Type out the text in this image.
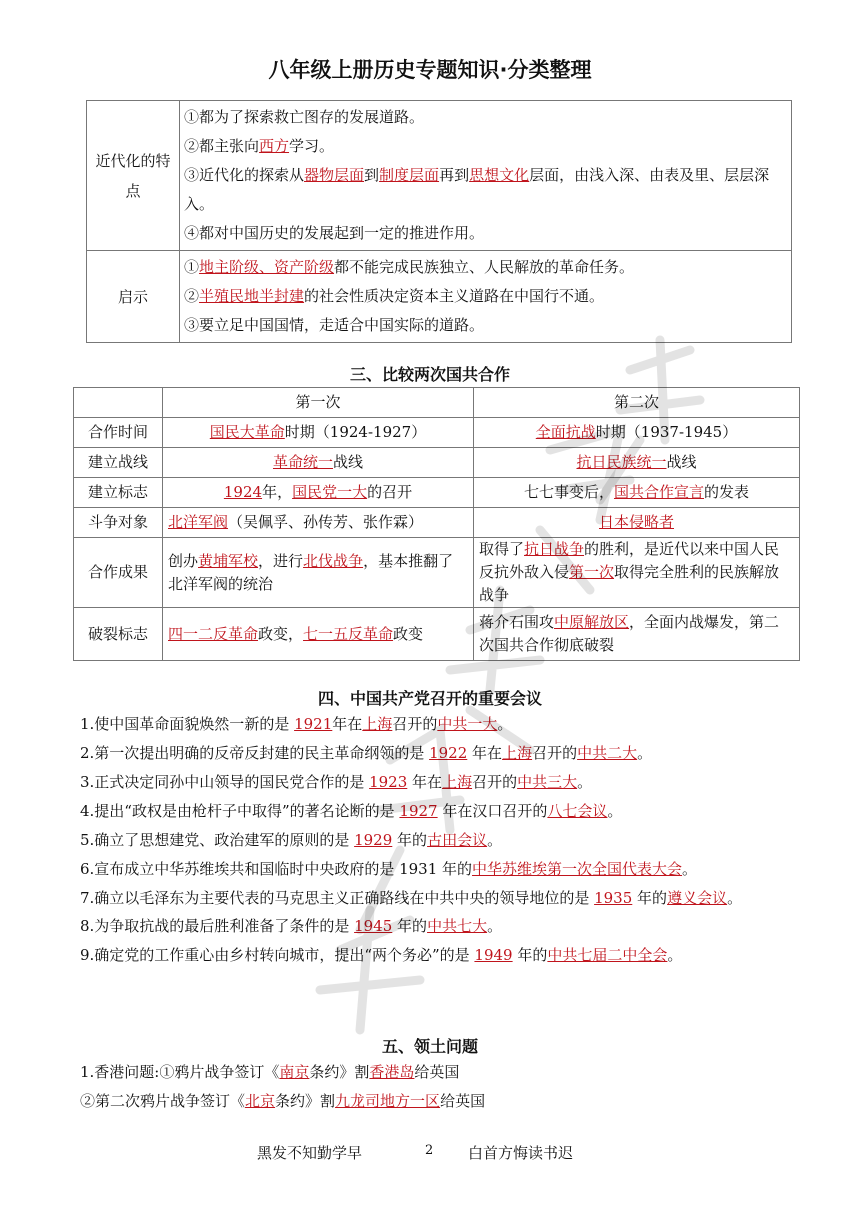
八年级上册历史专题知识·分类整理
近代化的特点	①都为了探索救亡图存的发展道路。
②都主张向西方学习。
③近代化的探索从器物层面到制度层面再到思想文化层面，由浅入深、由表及里、层层深入。
④都对中国历史的发展起到一定的推进作用。

启示	①地主阶级、资产阶级都不能完成民族独立、人民解放的革命任务。
②半殖民地半封建的社会性质决定资本主义道路在中国行不通。
③要立足中国国情，走适合中国实际的道路。
三、比较两次国共合作
	第一次	第二次
合作时间	国民大革命时期（1924-1927）	全面抗战时期（1937-1945）
建立战线	革命统一战线	抗日民族统一战线
建立标志	1924年，国民党一大的召开	七七事变后，国共合作宣言的发表
斗争对象	北洋军阀（吴佩孚、孙传芳、张作霖）	日本侵略者
合作成果	创办黄埔军校，进行北伐战争，基本推翻了北洋军阀的统治	取得了抗日战争的胜利，是近代以来中国人民反抗外敌入侵第一次取得完全胜利的民族解放战争
破裂标志	四一二反革命政变，七一五反革命政变	蒋介石围攻中原解放区，全面内战爆发，第二次国共合作彻底破裂
四、中国共产党召开的重要会议
1.使中国革命面貌焕然一新的是 1921年在上海召开的中共一大。
2.第一次提出明确的反帝反封建的民主革命纲领的是 1922 年在上海召开的中共二大。
3.正式决定同孙中山领导的国民党合作的是 1923 年在上海召开的中共三大。
4.提出“政权是由枪杆子中取得”的著名论断的是 1927 年在汉口召开的八七会议。
5.确立了思想建党、政治建军的原则的是 1929 年的古田会议。
6.宣布成立中华苏维埃共和国临时中央政府的是 1931 年的中华苏维埃第一次全国代表大会。
7.确立以毛泽东为主要代表的马克思主义正确路线在中共中央的领导地位的是 1935 年的遵义会议。
8.为争取抗战的最后胜利准备了条件的是 1945 年的中共七大。
9.确定党的工作重心由乡村转向城市，提出“两个务必”的是 1949 年的中共七届二中全会。
五、领土问题
1.香港问题:①鸦片战争签订《南京条约》割香港岛给英国
②第二次鸦片战争签订《北京条约》割九龙司地方一区给英国
黑发不知勤学早	2 白首方悔读书迟
